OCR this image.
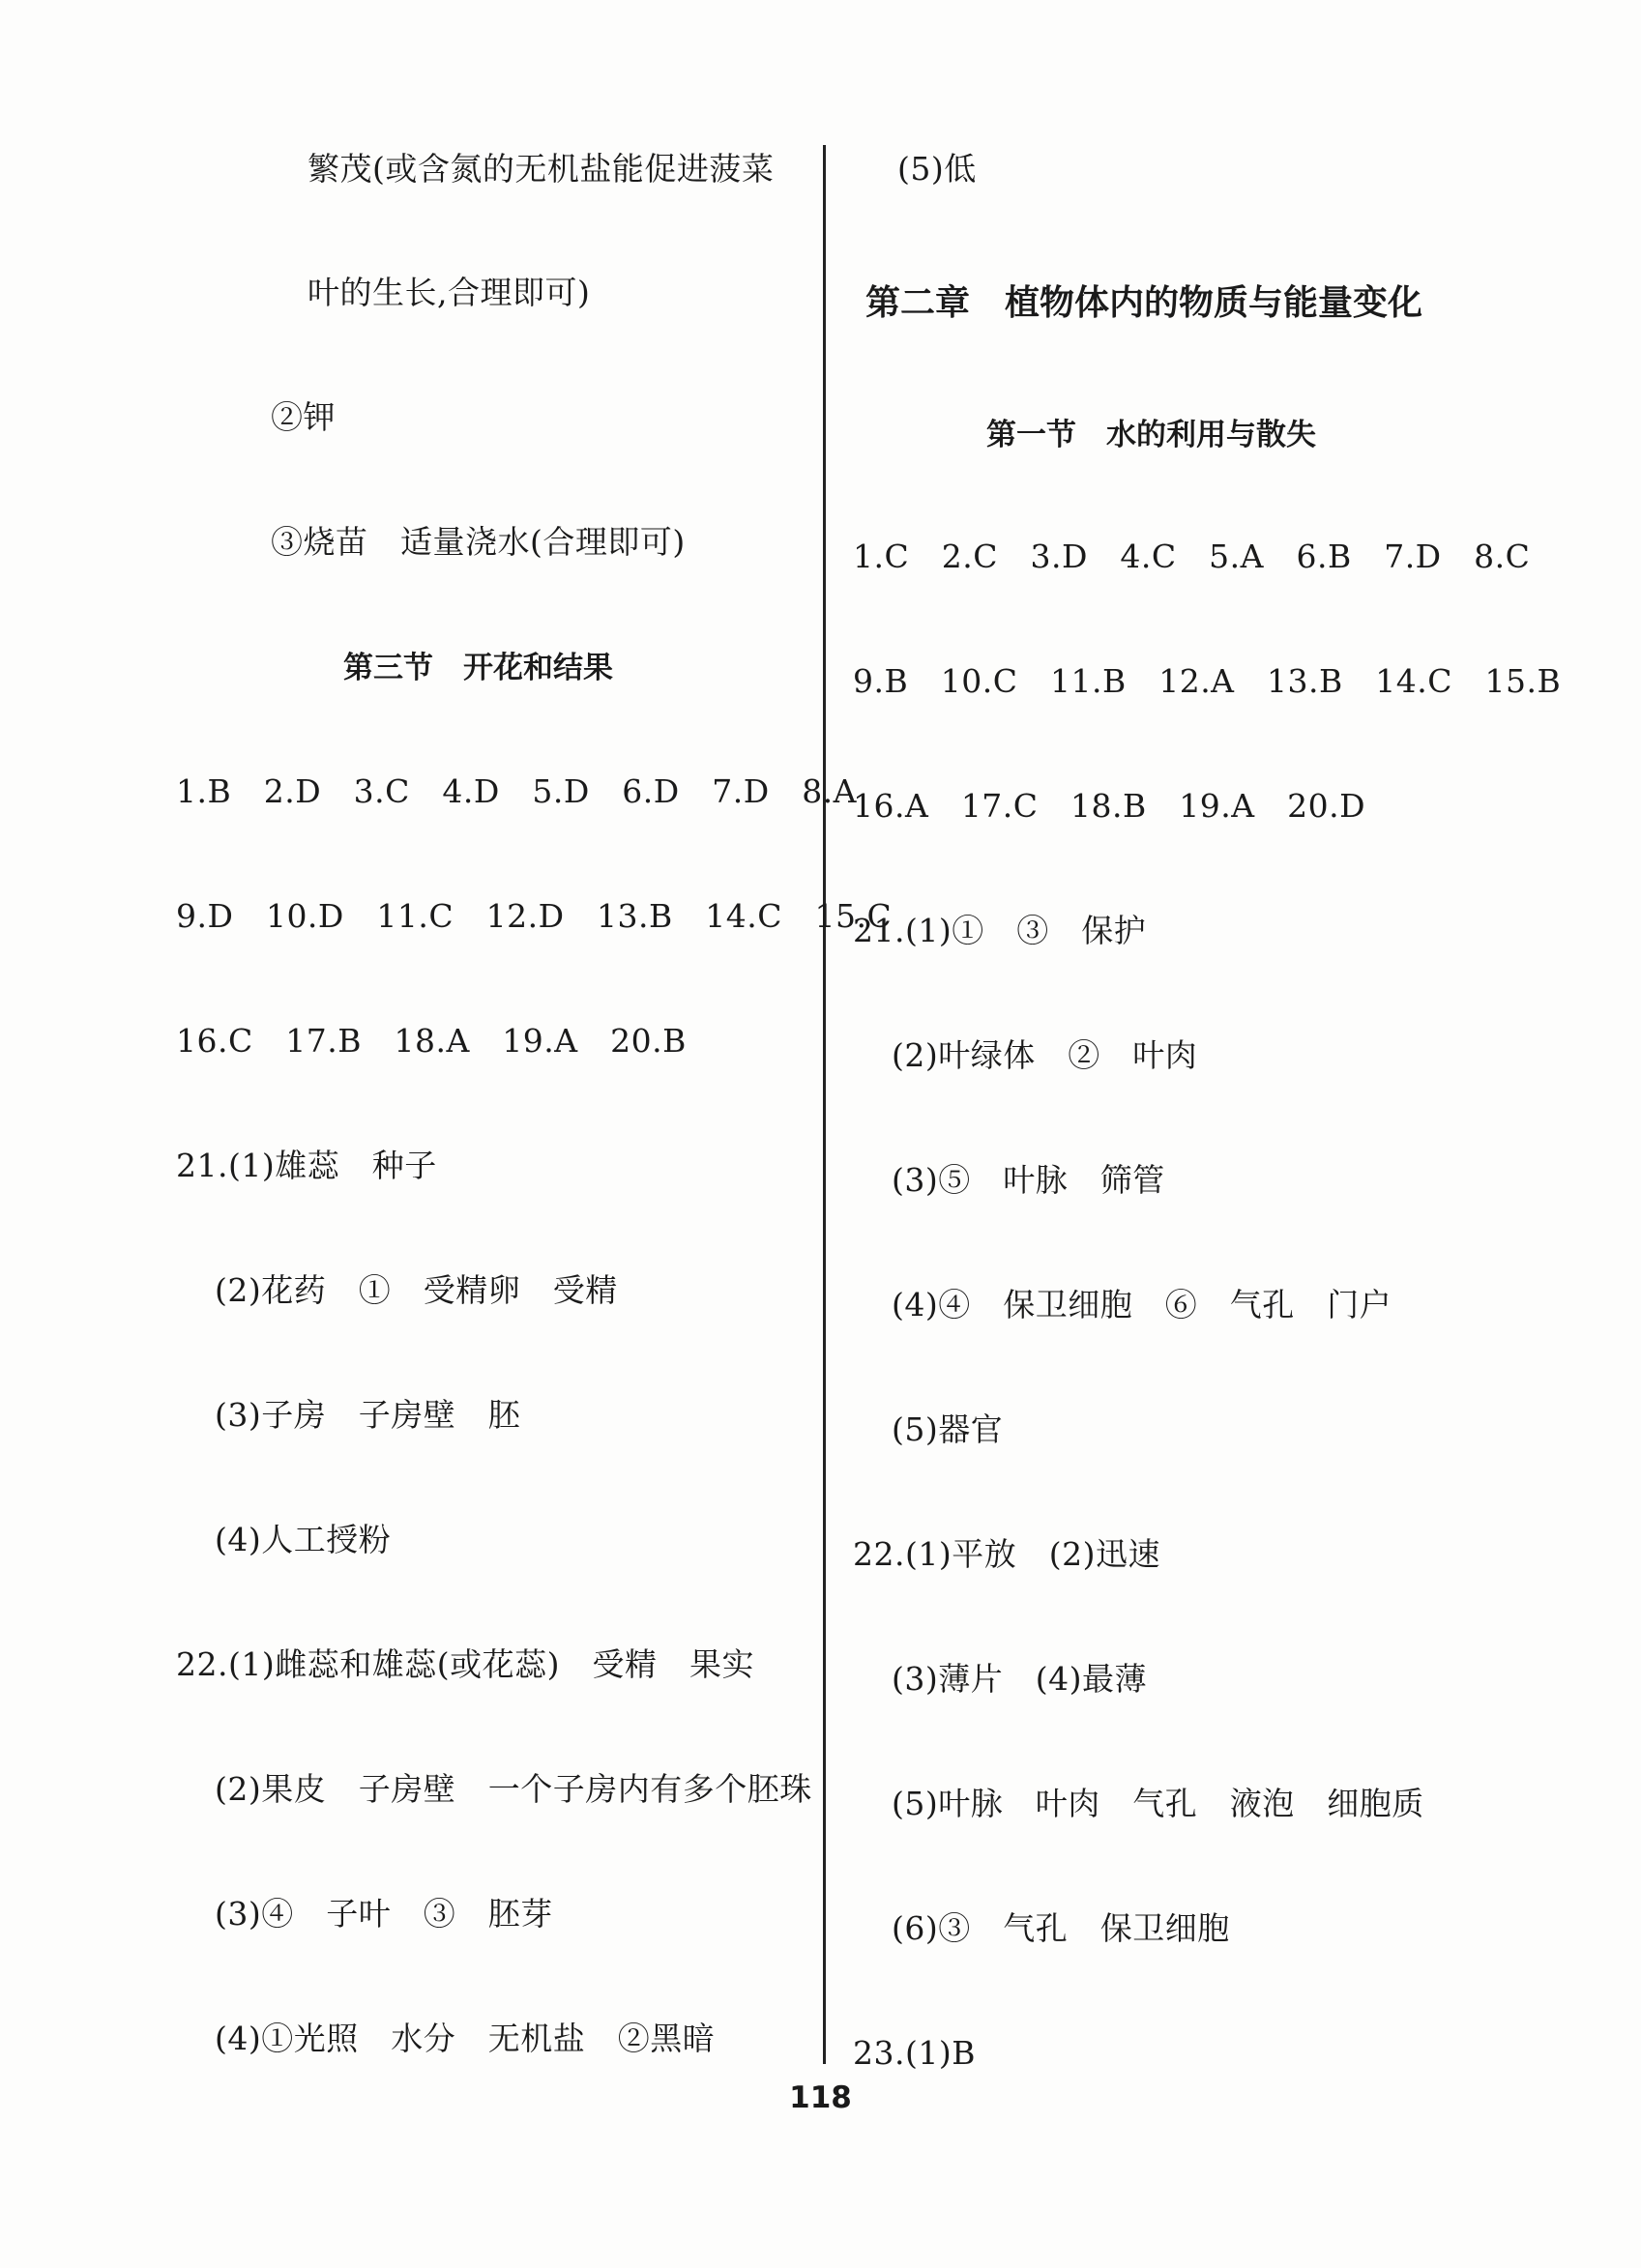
繁茂(或含氮的无机盐能促进菠菜
叶的生长,合理即可)
②钾
③烧苗　适量浇水(合理即可)
第三节　开花和结果
1.B　2.D　3.C　4.D　5.D　6.D　7.D　8.A
9.D　10.D　11.C　12.D　13.B　14.C　15.C
16.C　17.B　18.A　19.A　20.B
21.(1)雄蕊　种子
(2)花药　①　受精卵　受精
(3)子房　子房壁　胚
(4)人工授粉
22.(1)雌蕊和雄蕊(或花蕊)　受精　果实
(2)果皮　子房壁　一个子房内有多个胚珠
(3)④　子叶　③　胚芽
(4)①光照　水分　无机盐　②黑暗
(5)低
第二章　植物体内的物质与能量变化
第一节　水的利用与散失
1.C　2.C　3.D　4.C　5.A　6.B　7.D　8.C
9.B　10.C　11.B　12.A　13.B　14.C　15.B
16.A　17.C　18.B　19.A　20.D
21.(1)①　③　保护
(2)叶绿体　②　叶肉
(3)⑤　叶脉　筛管
(4)④　保卫细胞　⑥　气孔　门户
(5)器官
22.(1)平放　(2)迅速
(3)薄片　(4)最薄
(5)叶脉　叶肉　气孔　液泡　细胞质
(6)③　气孔　保卫细胞
23.(1)B
118
